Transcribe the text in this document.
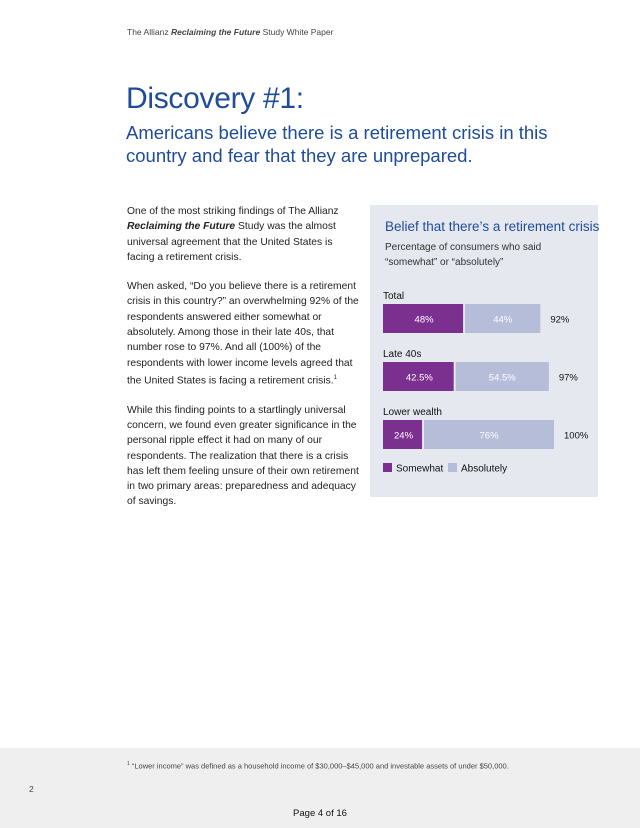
The Allianz Reclaiming the Future Study White Paper
Discovery #1:
Americans believe there is a retirement crisis in this country and fear that they are unprepared.

One of the most striking findings of The Allianz Reclaiming the Future Study was the almost universal agreement that the United States is facing a retirement crisis.

When asked, “Do you believe there is a retirement crisis in this country?” an overwhelming 92% of the respondents answered either somewhat or absolutely. Among those in their late 40s, that number rose to 97%. And all (100%) of the respondents with lower income levels agreed that the United States is facing a retirement crisis.$^1$

While this finding points to a startlingly universal concern, we found even greater significance in the personal ripple effect it had on many of our respondents. The realization that there is a crisis has left them feeling unsure of their own retirement in two primary areas: preparedness and adequacy of savings.

Belief that there’s a retirement crisis
Percentage of consumers who said “somewhat” or “absolutely”
Total
48%	44%	92%
Late 40s
42.5%	54.5%	97%
Lower wealth
24%	76%	100%
Somewhat Absolutely
$^1$ “Lower income” was defined as a household income of $30,000–$45,000 and investable assets of under $50,000.
2
Page 4 of 16
